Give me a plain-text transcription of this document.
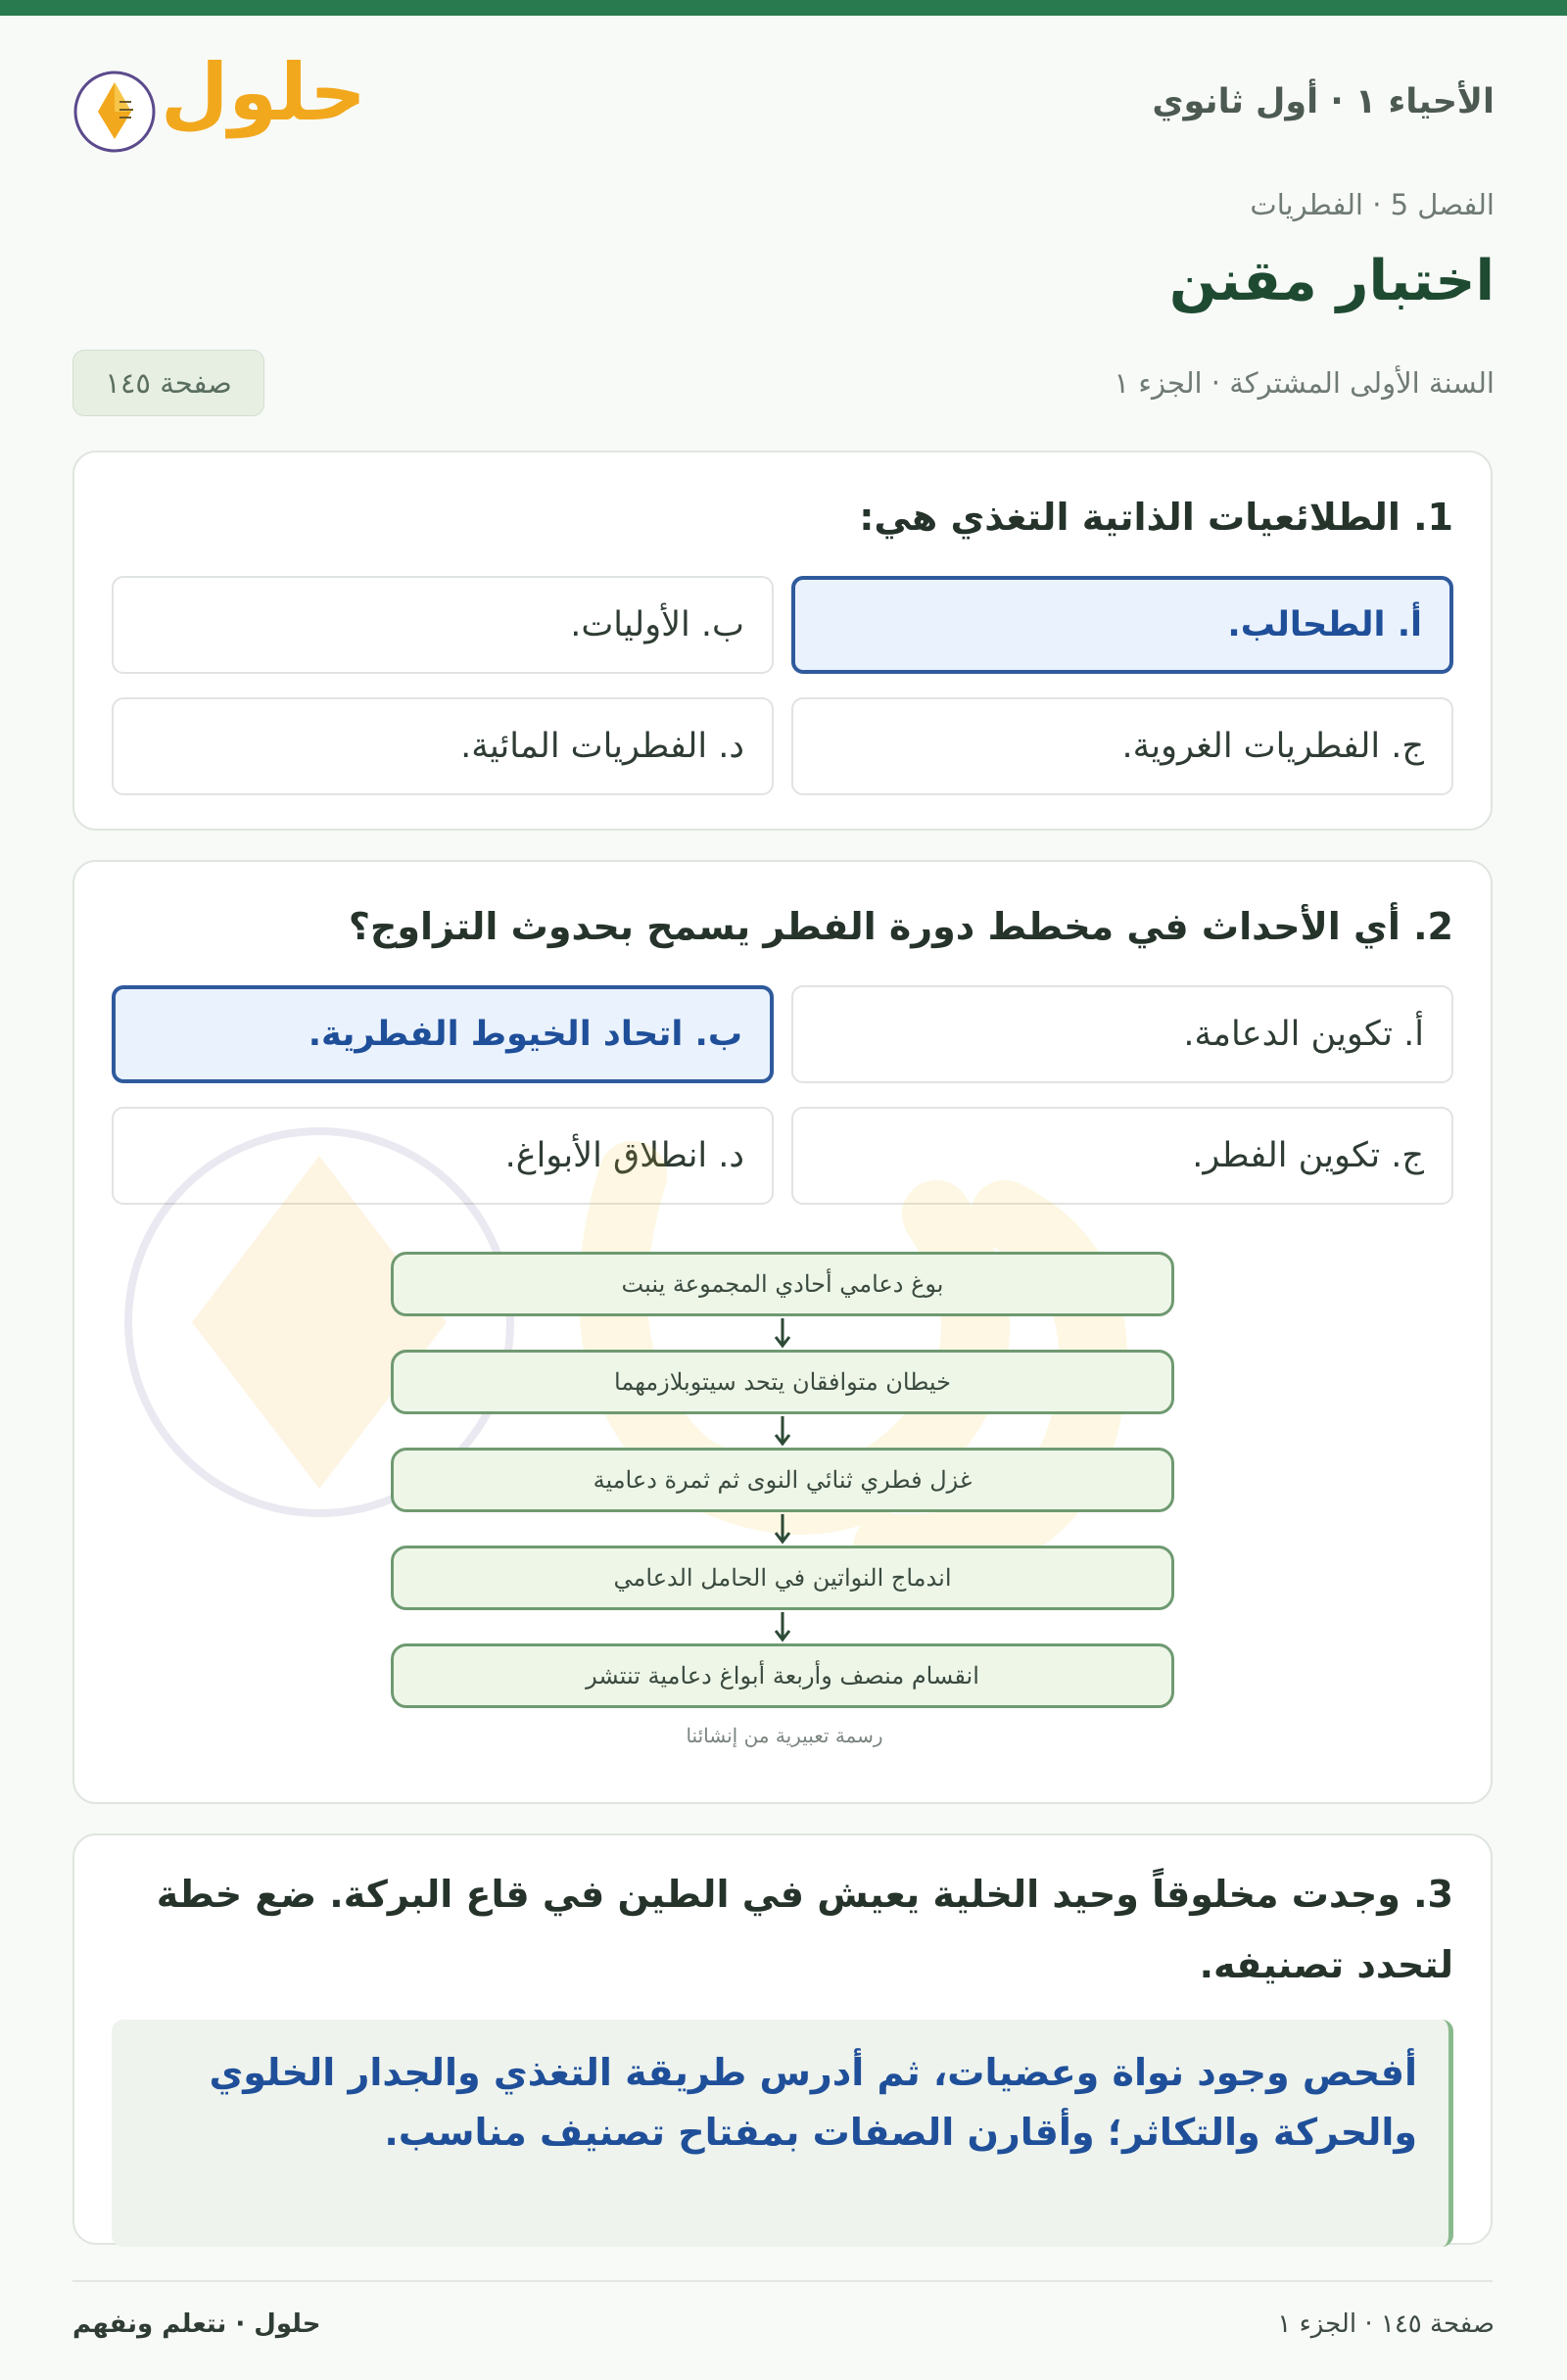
الأحياء ١ · أول ثانوي
حلول
الفصل 5 · الفطريات
اختبار مقنن
السنة الأولى المشتركة · الجزء ١
صفحة ١٤٥
1. الطلائعيات الذاتية التغذي هي:
أ. الطحالب.
ب. الأوليات.
ج. الفطريات الغروية.
د. الفطريات المائية.
2. أي الأحداث في مخطط دورة الفطر يسمح بحدوث التزاوج؟
أ. تكوين الدعامة.
ب. اتحاد الخيوط الفطرية.
ج. تكوين الفطر.
د. انطلاق الأبواغ.
بوغ دعامي أحادي المجموعة ينبت
خيطان متوافقان يتحد سيتوبلازمهما
غزل فطري ثنائي النوى ثم ثمرة دعامية
اندماج النواتين في الحامل الدعامي
انقسام منصف وأربعة أبواغ دعامية تنتشر
رسمة تعبيرية من إنشائنا
3. وجدت مخلوقاً وحيد الخلية يعيش في الطين في قاع البركة. ضع خطة
لتحدد تصنيفه.
أفحص وجود نواة وعضيات، ثم أدرس طريقة التغذي والجدار الخلوي
والحركة والتكاثر؛ وأقارن الصفات بمفتاح تصنيف مناسب.
صفحة ١٤٥ · الجزء ١
حلول · نتعلم ونفهم
